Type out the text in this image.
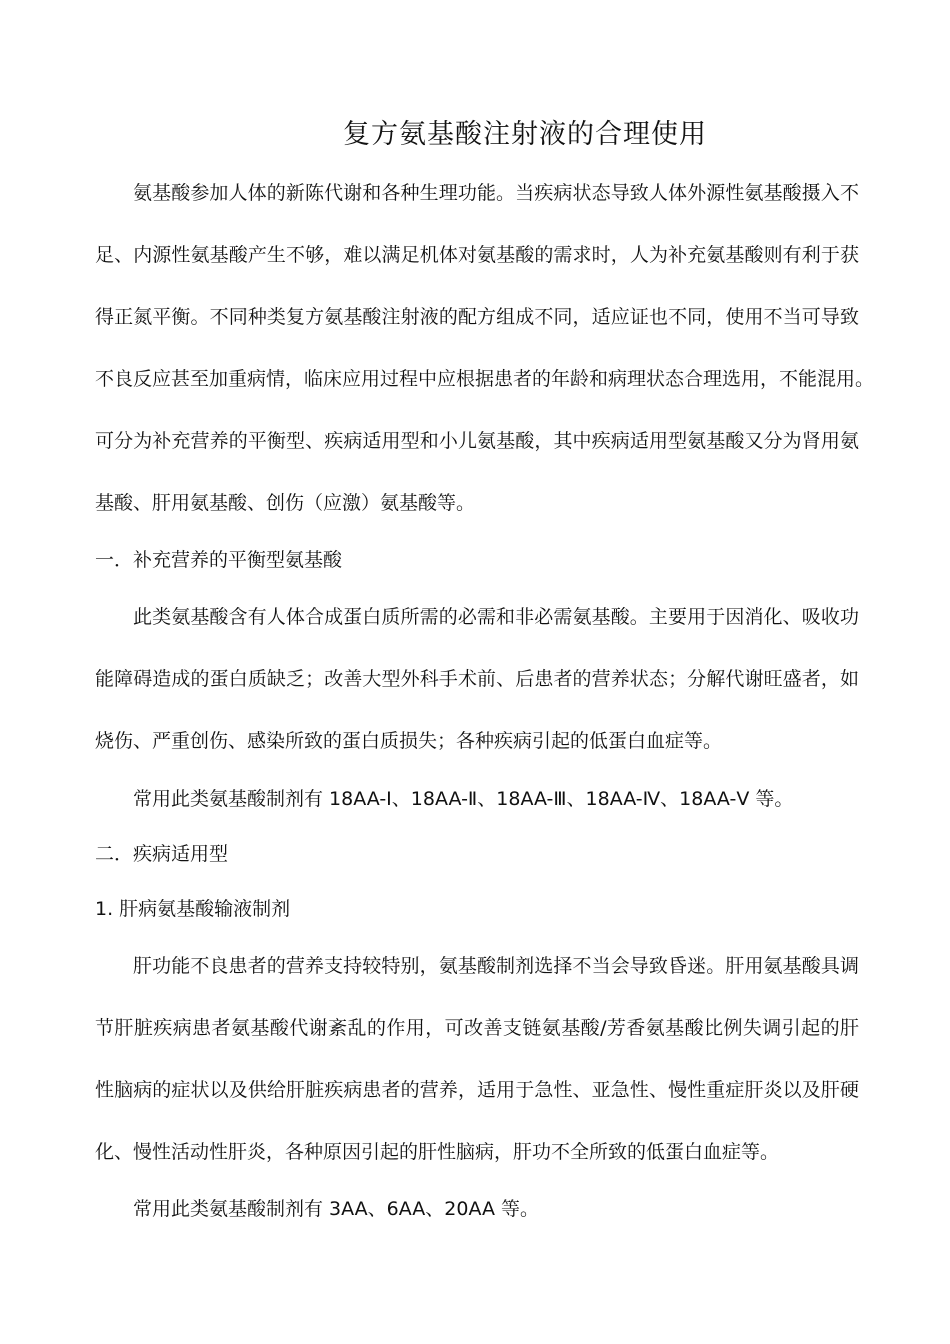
复方氨基酸注射液的合理使用
氨基酸参加人体的新陈代谢和各种生理功能。当疾病状态导致人体外源性氨基酸摄入不
足、内源性氨基酸产生不够，难以满足机体对氨基酸的需求时，人为补充氨基酸则有利于获
得正氮平衡。不同种类复方氨基酸注射液的配方组成不同，适应证也不同，使用不当可导致
不良反应甚至加重病情，临床应用过程中应根据患者的年龄和病理状态合理选用，不能混用。
可分为补充营养的平衡型、疾病适用型和小儿氨基酸，其中疾病适用型氨基酸又分为肾用氨
基酸、肝用氨基酸、创伤（应激）氨基酸等。
一．补充营养的平衡型氨基酸
此类氨基酸含有人体合成蛋白质所需的必需和非必需氨基酸。主要用于因消化、吸收功
能障碍造成的蛋白质缺乏；改善大型外科手术前、后患者的营养状态；分解代谢旺盛者，如
烧伤、严重创伤、感染所致的蛋白质损失；各种疾病引起的低蛋白血症等。
常用此类氨基酸制剂有 18AA-Ⅰ、18AA-Ⅱ、18AA-Ⅲ、18AA-Ⅳ、18AA-Ⅴ 等。
二．疾病适用型
1. 肝病氨基酸输液制剂
肝功能不良患者的营养支持较特别，氨基酸制剂选择不当会导致昏迷。肝用氨基酸具调
节肝脏疾病患者氨基酸代谢紊乱的作用，可改善支链氨基酸/芳香氨基酸比例失调引起的肝
性脑病的症状以及供给肝脏疾病患者的营养，适用于急性、亚急性、慢性重症肝炎以及肝硬
化、慢性活动性肝炎，各种原因引起的肝性脑病，肝功不全所致的低蛋白血症等。
常用此类氨基酸制剂有 3AA、6AA、20AA 等。
